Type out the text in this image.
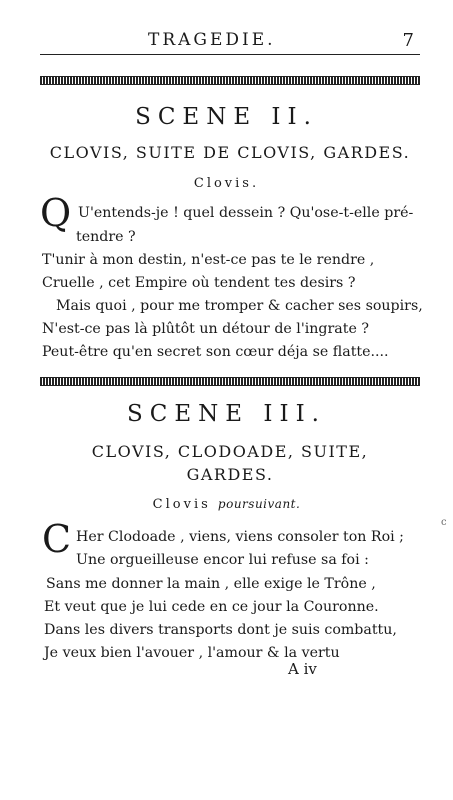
TRAGEDIE.	7
SCENE II.
CLOVIS, SUITE DE CLOVIS, GARDES.
Clovis.
Q U'entends-je ! quel dessein ? Qu'ose-t-elle pré-
tendre ?
T'unir à mon destin, n'est-ce pas te le rendre ,
Cruelle , cet Empire où tendent tes desirs ?
Mais quoi , pour me tromper & cacher ses soupirs,
N'est-ce pas là plûtôt un détour de l'ingrate ?
Peut-être qu'en secret son cœur déja se flatte....
SCENE III.
CLOVIS, CLODOADE, SUITE,
GARDES.
Clovis poursuivant.
C Her Clodoade , viens, viens consoler ton Roi ;
Une orgueilleuse encor lui refuse sa foi :
Sans me donner la main , elle exige le Trône ,
Et veut que je lui cede en ce jour la Couronne.
Dans les divers transports dont je suis combattu,
Je veux bien l'avouer , l'amour & la vertu
A iv
c
